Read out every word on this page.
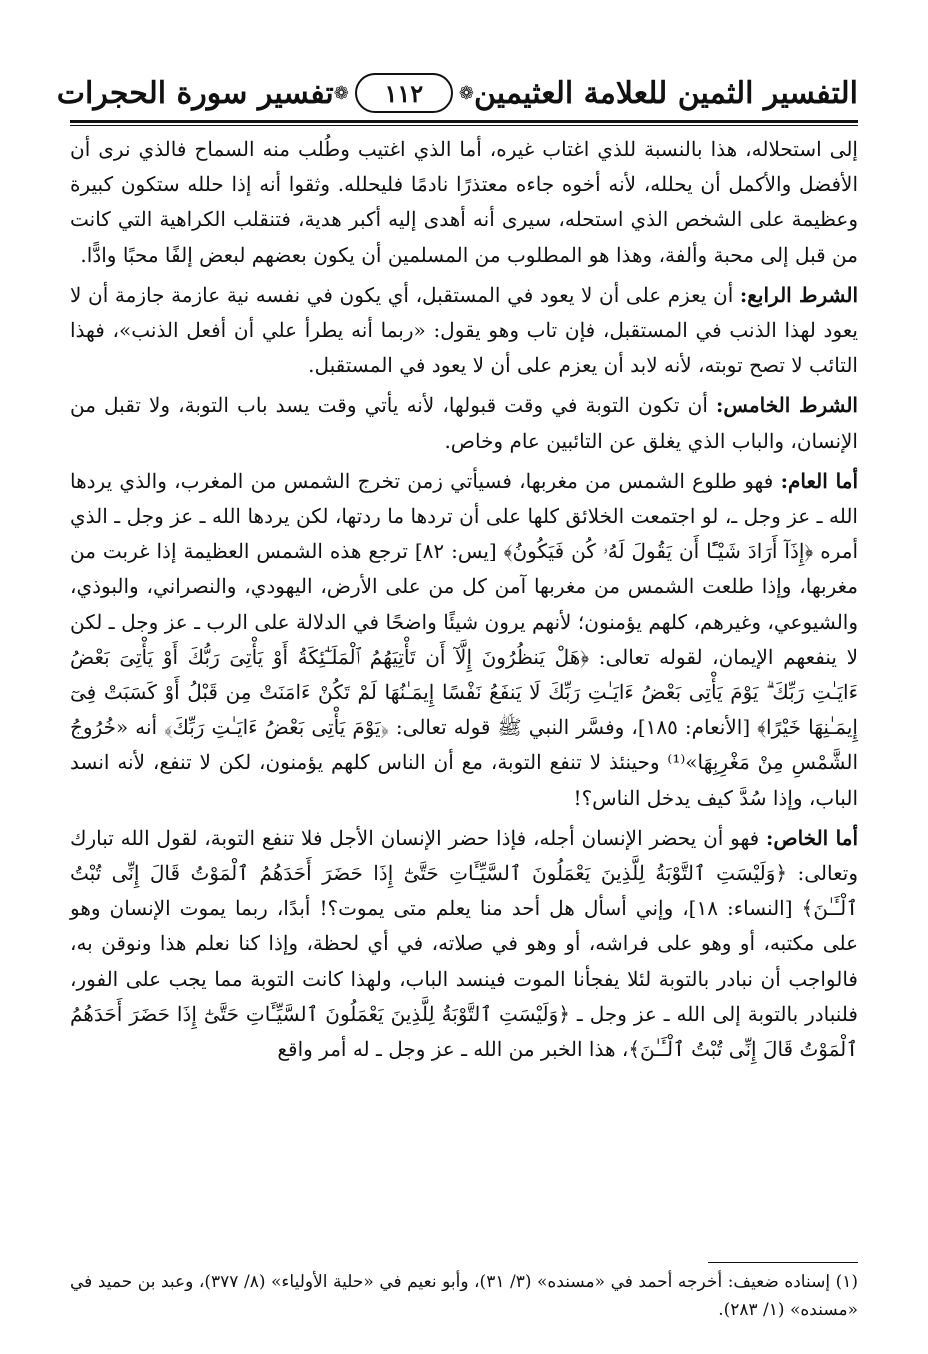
التفسير الثمين للعلامة العثيمين
❁
١١٢
❁
تفسير سورة الحجرات

إلى استحلاله، هذا بالنسبة للذي اغتاب غيره، أما الذي اغتيب وطُلب منه السماح فالذي نرى أن الأفضل والأكمل أن يحلله، لأنه أخوه جاءه معتذرًا نادمًا فليحلله. وثقوا أنه إذا حلله ستكون كبيرة وعظيمة على الشخص الذي استحله، سيرى أنه أهدى إليه أكبر هدية، فتنقلب الكراهية التي كانت من قبل إلى محبة وألفة، وهذا هو المطلوب من المسلمين أن يكون بعضهم لبعض إلفًا محبًا وادًّا.

الشرط الرابع: أن يعزم على أن لا يعود في المستقبل، أي يكون في نفسه نية عازمة جازمة أن لا يعود لهذا الذنب في المستقبل، فإن تاب وهو يقول: «ربما أنه يطرأ علي أن أفعل الذنب»، فهذا التائب لا تصح توبته، لأنه لابد أن يعزم على أن لا يعود في المستقبل.

الشرط الخامس: أن تكون التوبة في وقت قبولها، لأنه يأتي وقت يسد باب التوبة، ولا تقبل من الإنسان، والباب الذي يغلق عن التائبين عام وخاص.

أما العام: فهو طلوع الشمس من مغربها، فسيأتي زمن تخرج الشمس من المغرب، والذي يردها الله ـ عز وجل ـ، لو اجتمعت الخلائق كلها على أن تردها ما ردتها، لكن يردها الله ـ عز وجل ـ الذي أمره ﴿إِذَآ أَرَادَ شَيْـًٔا أَن يَقُولَ لَهُۥ كُن فَيَكُونُ﴾ [يس: ٨٢] ترجع هذه الشمس العظيمة إذا غربت من مغربها، وإذا طلعت الشمس من مغربها آمن كل من على الأرض، اليهودي، والنصراني، والبوذي، والشيوعي، وغيرهم، كلهم يؤمنون؛ لأنهم يرون شيئًا واضحًا في الدلالة على الرب ـ عز وجل ـ لكن لا ينفعهم الإيمان، لقوله تعالى: ﴿هَلْ يَنظُرُونَ إِلَّآ أَن تَأْتِيَهُمُ ٱلْمَلَـٰٓئِكَةُ أَوْ يَأْتِىَ رَبُّكَ أَوْ يَأْتِىَ بَعْضُ ءَايَـٰتِ رَبِّكَ ۗ يَوْمَ يَأْتِى بَعْضُ ءَايَـٰتِ رَبِّكَ لَا يَنفَعُ نَفْسًا إِيمَـٰنُهَا لَمْ تَكُنْ ءَامَنَتْ مِن قَبْلُ أَوْ كَسَبَتْ فِىٓ إِيمَـٰنِهَا خَيْرًا﴾ [الأنعام: ١٨٥]، وفسَّر النبي ﷺ قوله تعالى: ﴿يَوْمَ يَأْتِى بَعْضُ ءَايَـٰتِ رَبِّكَ﴾ أنه «خُرُوجُ الشَّمْسِ مِنْ مَغْرِبِهَا»⁽¹⁾ وحينئذ لا تنفع التوبة، مع أن الناس كلهم يؤمنون، لكن لا تنفع، لأنه انسد الباب، وإذا سُدَّ كيف يدخل الناس؟!

أما الخاص: فهو أن يحضر الإنسان أجله، فإذا حضر الإنسان الأجل فلا تنفع التوبة، لقول الله تبارك وتعالى: ﴿وَلَيْسَتِ ٱلتَّوْبَةُ لِلَّذِينَ يَعْمَلُونَ ٱلسَّيِّـَٔاتِ حَتَّىٰٓ إِذَا حَضَرَ أَحَدَهُمُ ٱلْمَوْتُ قَالَ إِنِّى تُبْتُ ٱلْـَٔـٰنَ﴾ [النساء: ١٨]، وإني أسأل هل أحد منا يعلم متى يموت؟! أبدًا، ربما يموت الإنسان وهو على مكتبه، أو وهو على فراشه، أو وهو في صلاته، في أي لحظة، وإذا كنا نعلم هذا ونوقن به، فالواجب أن نبادر بالتوبة لئلا يفجأنا الموت فينسد الباب، ولهذا كانت التوبة مما يجب على الفور، فلنبادر بالتوبة إلى الله ـ عز وجل ـ ﴿وَلَيْسَتِ ٱلتَّوْبَةُ لِلَّذِينَ يَعْمَلُونَ ٱلسَّيِّـَٔاتِ حَتَّىٰٓ إِذَا حَضَرَ أَحَدَهُمُ ٱلْمَوْتُ قَالَ إِنِّى تُبْتُ ٱلْـَٔـٰنَ﴾، هذا الخبر من الله ـ عز وجل ـ له أمر واقع

(١) إسناده ضعيف: أخرجه أحمد في «مسنده» (٣/ ٣١)، وأبو نعيم في «حلية الأولياء» (٨/ ٣٧٧)، وعبد بن حميد في «مسنده» (١/ ٢٨٣).
